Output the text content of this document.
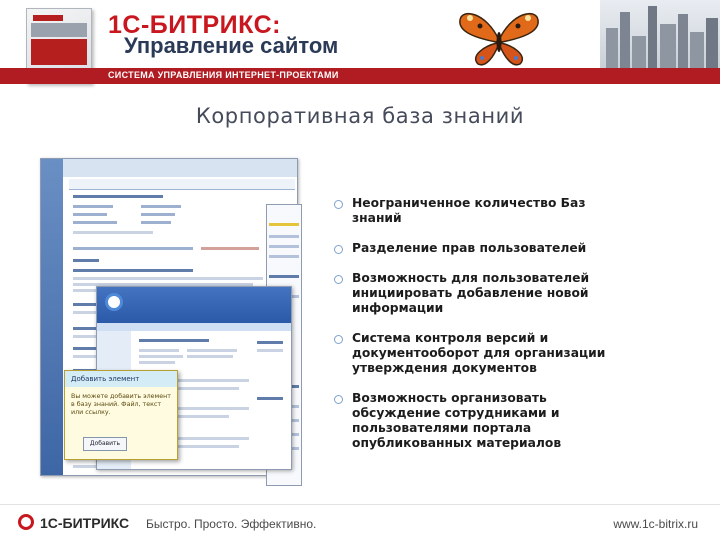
1С-БИТРИКС:
Управление сайтом
СИСТЕМА УПРАВЛЕНИЯ ИНТЕРНЕТ-ПРОЕКТАМИ
Корпоративная база знаний
Добавить элемент
Вы можете добавить элемент в базу знаний. Файл, текст или ссылку.
Добавить
Неограниченное количество Баз знаний
Разделение прав пользователей
Возможность для пользователей инициировать добавление новой информации
Система контроля версий и документооборот для организации утверждения документов
Возможность организовать обсуждение сотрудниками и пользователями портала опубликованных материалов
1С-БИТРИКС Быстро. Просто. Эффективно.	www.1c-bitrix.ru
